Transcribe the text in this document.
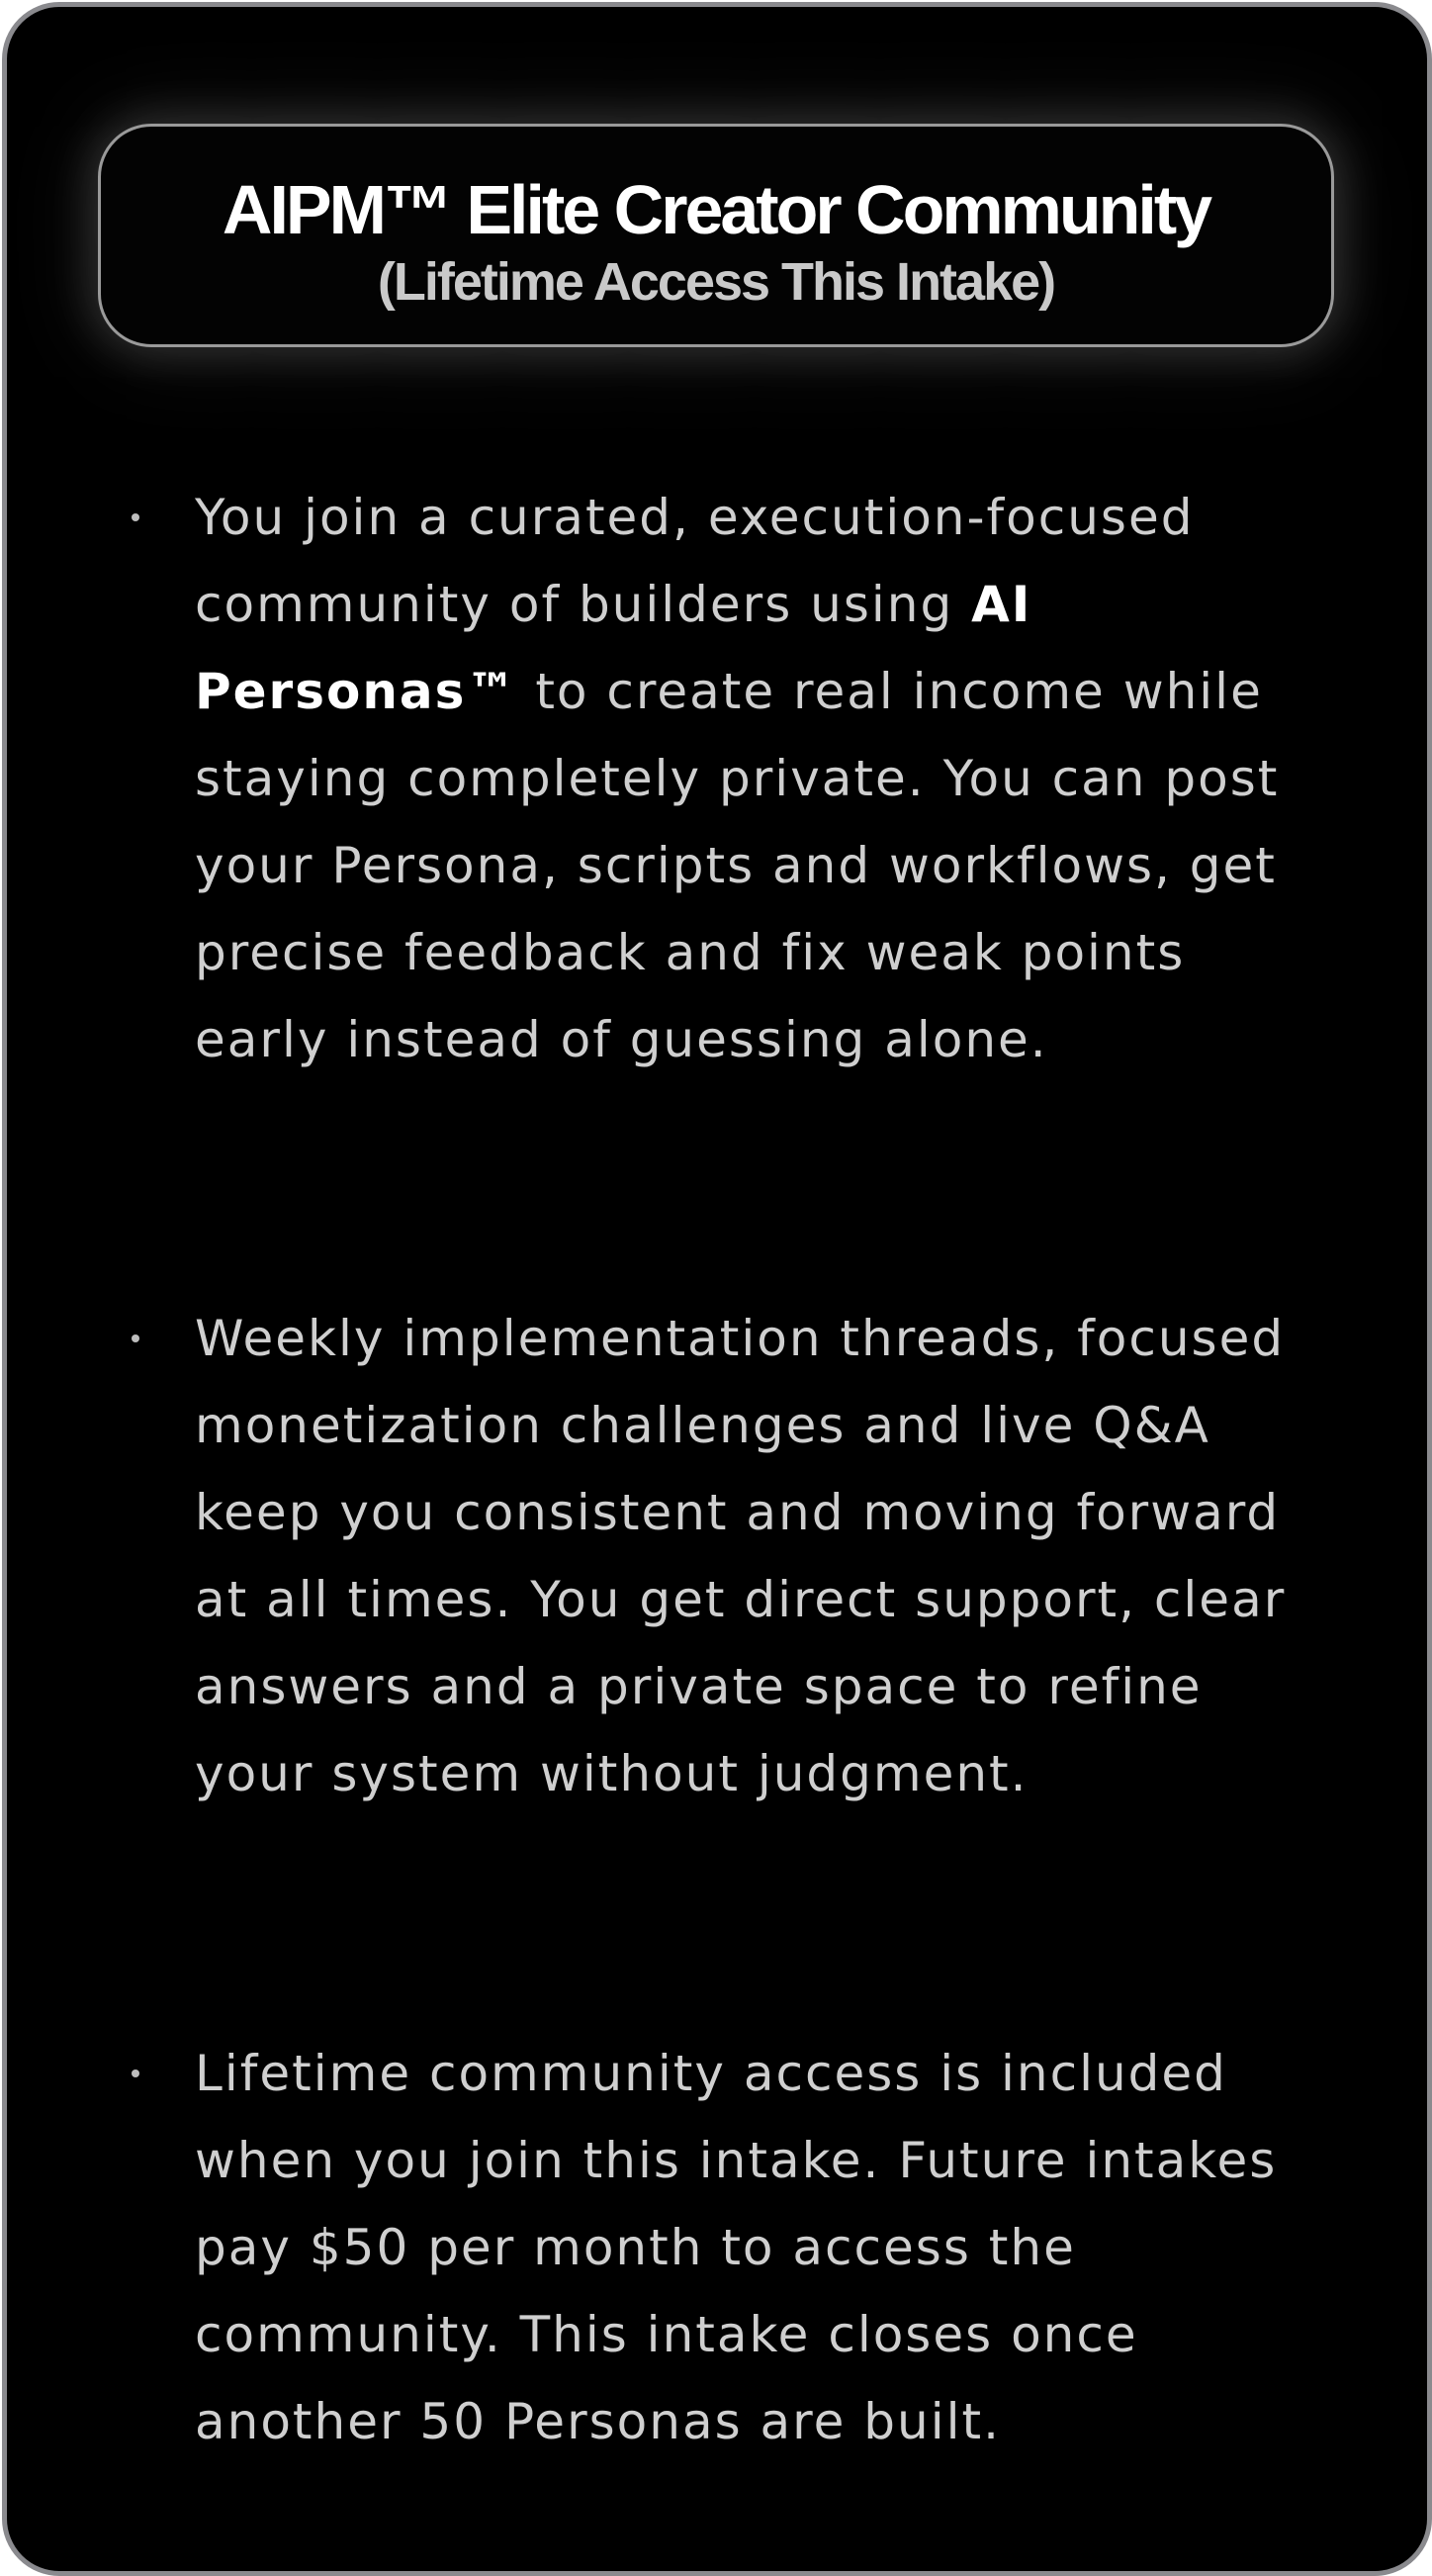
AIPM™ Elite Creator Community

(Lifetime Access This Intake)

You join a curated, execution-focused community of builders using AI Personas™ to create real income while staying completely private. You can post your Persona, scripts and workflows, get precise feedback and fix weak points early instead of guessing alone.
Weekly implementation threads, focused monetization challenges and live Q&A keep you consistent and moving forward at all times. You get direct support, clear answers and a private space to refine your system without judgment.
Lifetime community access is included when you join this intake. Future intakes pay $50 per month to access the community. This intake closes once another 50 Personas are built.
